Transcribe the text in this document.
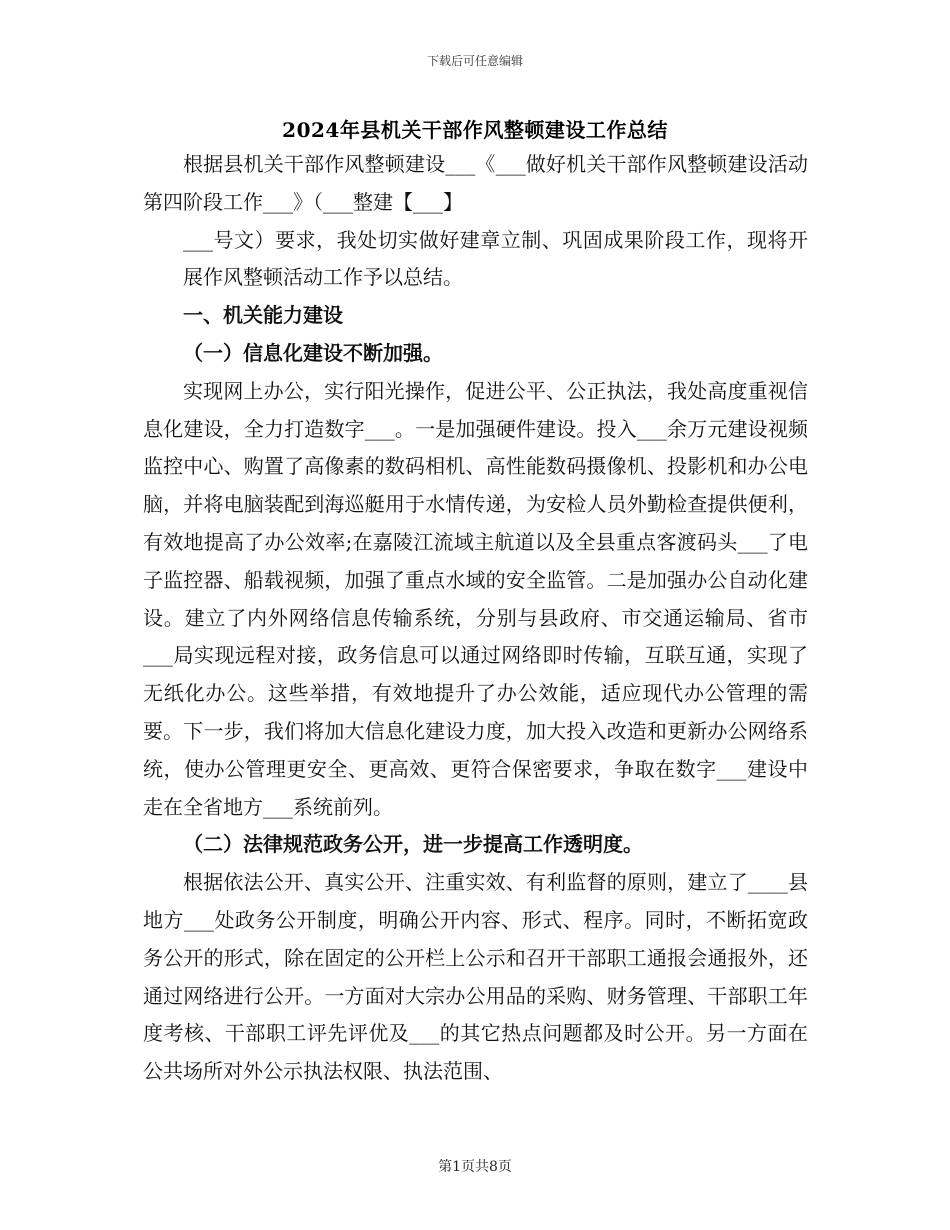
下载后可任意编辑
2024年县机关干部作风整顿建设工作总结

根据县机关干部作风整顿建设___《___做好机关干部作风整顿建设活动第四阶段工作___》（___整建【___】

___号文）要求，我处切实做好建章立制、巩固成果阶段工作，现将开展作风整顿活动工作予以总结。

一、机关能力建设
（一）信息化建设不断加强。

实现网上办公，实行阳光操作，促进公平、公正执法，我处高度重视信息化建设，全力打造数字___。一是加强硬件建设。投入___余万元建设视频监控中心、购置了高像素的数码相机、高性能数码摄像机、投影机和办公电脑，并将电脑装配到海巡艇用于水情传递，为安检人员外勤检查提供便利，有效地提高了办公效率;在嘉陵江流域主航道以及全县重点客渡码头___了电子监控器、船载视频，加强了重点水域的安全监管。二是加强办公自动化建设。建立了内外网络信息传输系统，分别与县政府、市交通运输局、省市___局实现远程对接，政务信息可以通过网络即时传输，互联互通，实现了无纸化办公。这些举措，有效地提升了办公效能，适应现代办公管理的需要。下一步，我们将加大信息化建设力度，加大投入改造和更新办公网络系统，使办公管理更安全、更高效、更符合保密要求，争取在数字___建设中走在全省地方___系统前列。

（二）法律规范政务公开，进一步提高工作透明度。

根据依法公开、真实公开、注重实效、有利监督的原则，建立了____县地方___处政务公开制度，明确公开内容、形式、程序。同时，不断拓宽政务公开的形式，除在固定的公开栏上公示和召开干部职工通报会通报外，还通过网络进行公开。一方面对大宗办公用品的采购、财务管理、干部职工年度考核、干部职工评先评优及___的其它热点问题都及时公开。另一方面在公共场所对外公示执法权限、执法范围、

第1页共8页
